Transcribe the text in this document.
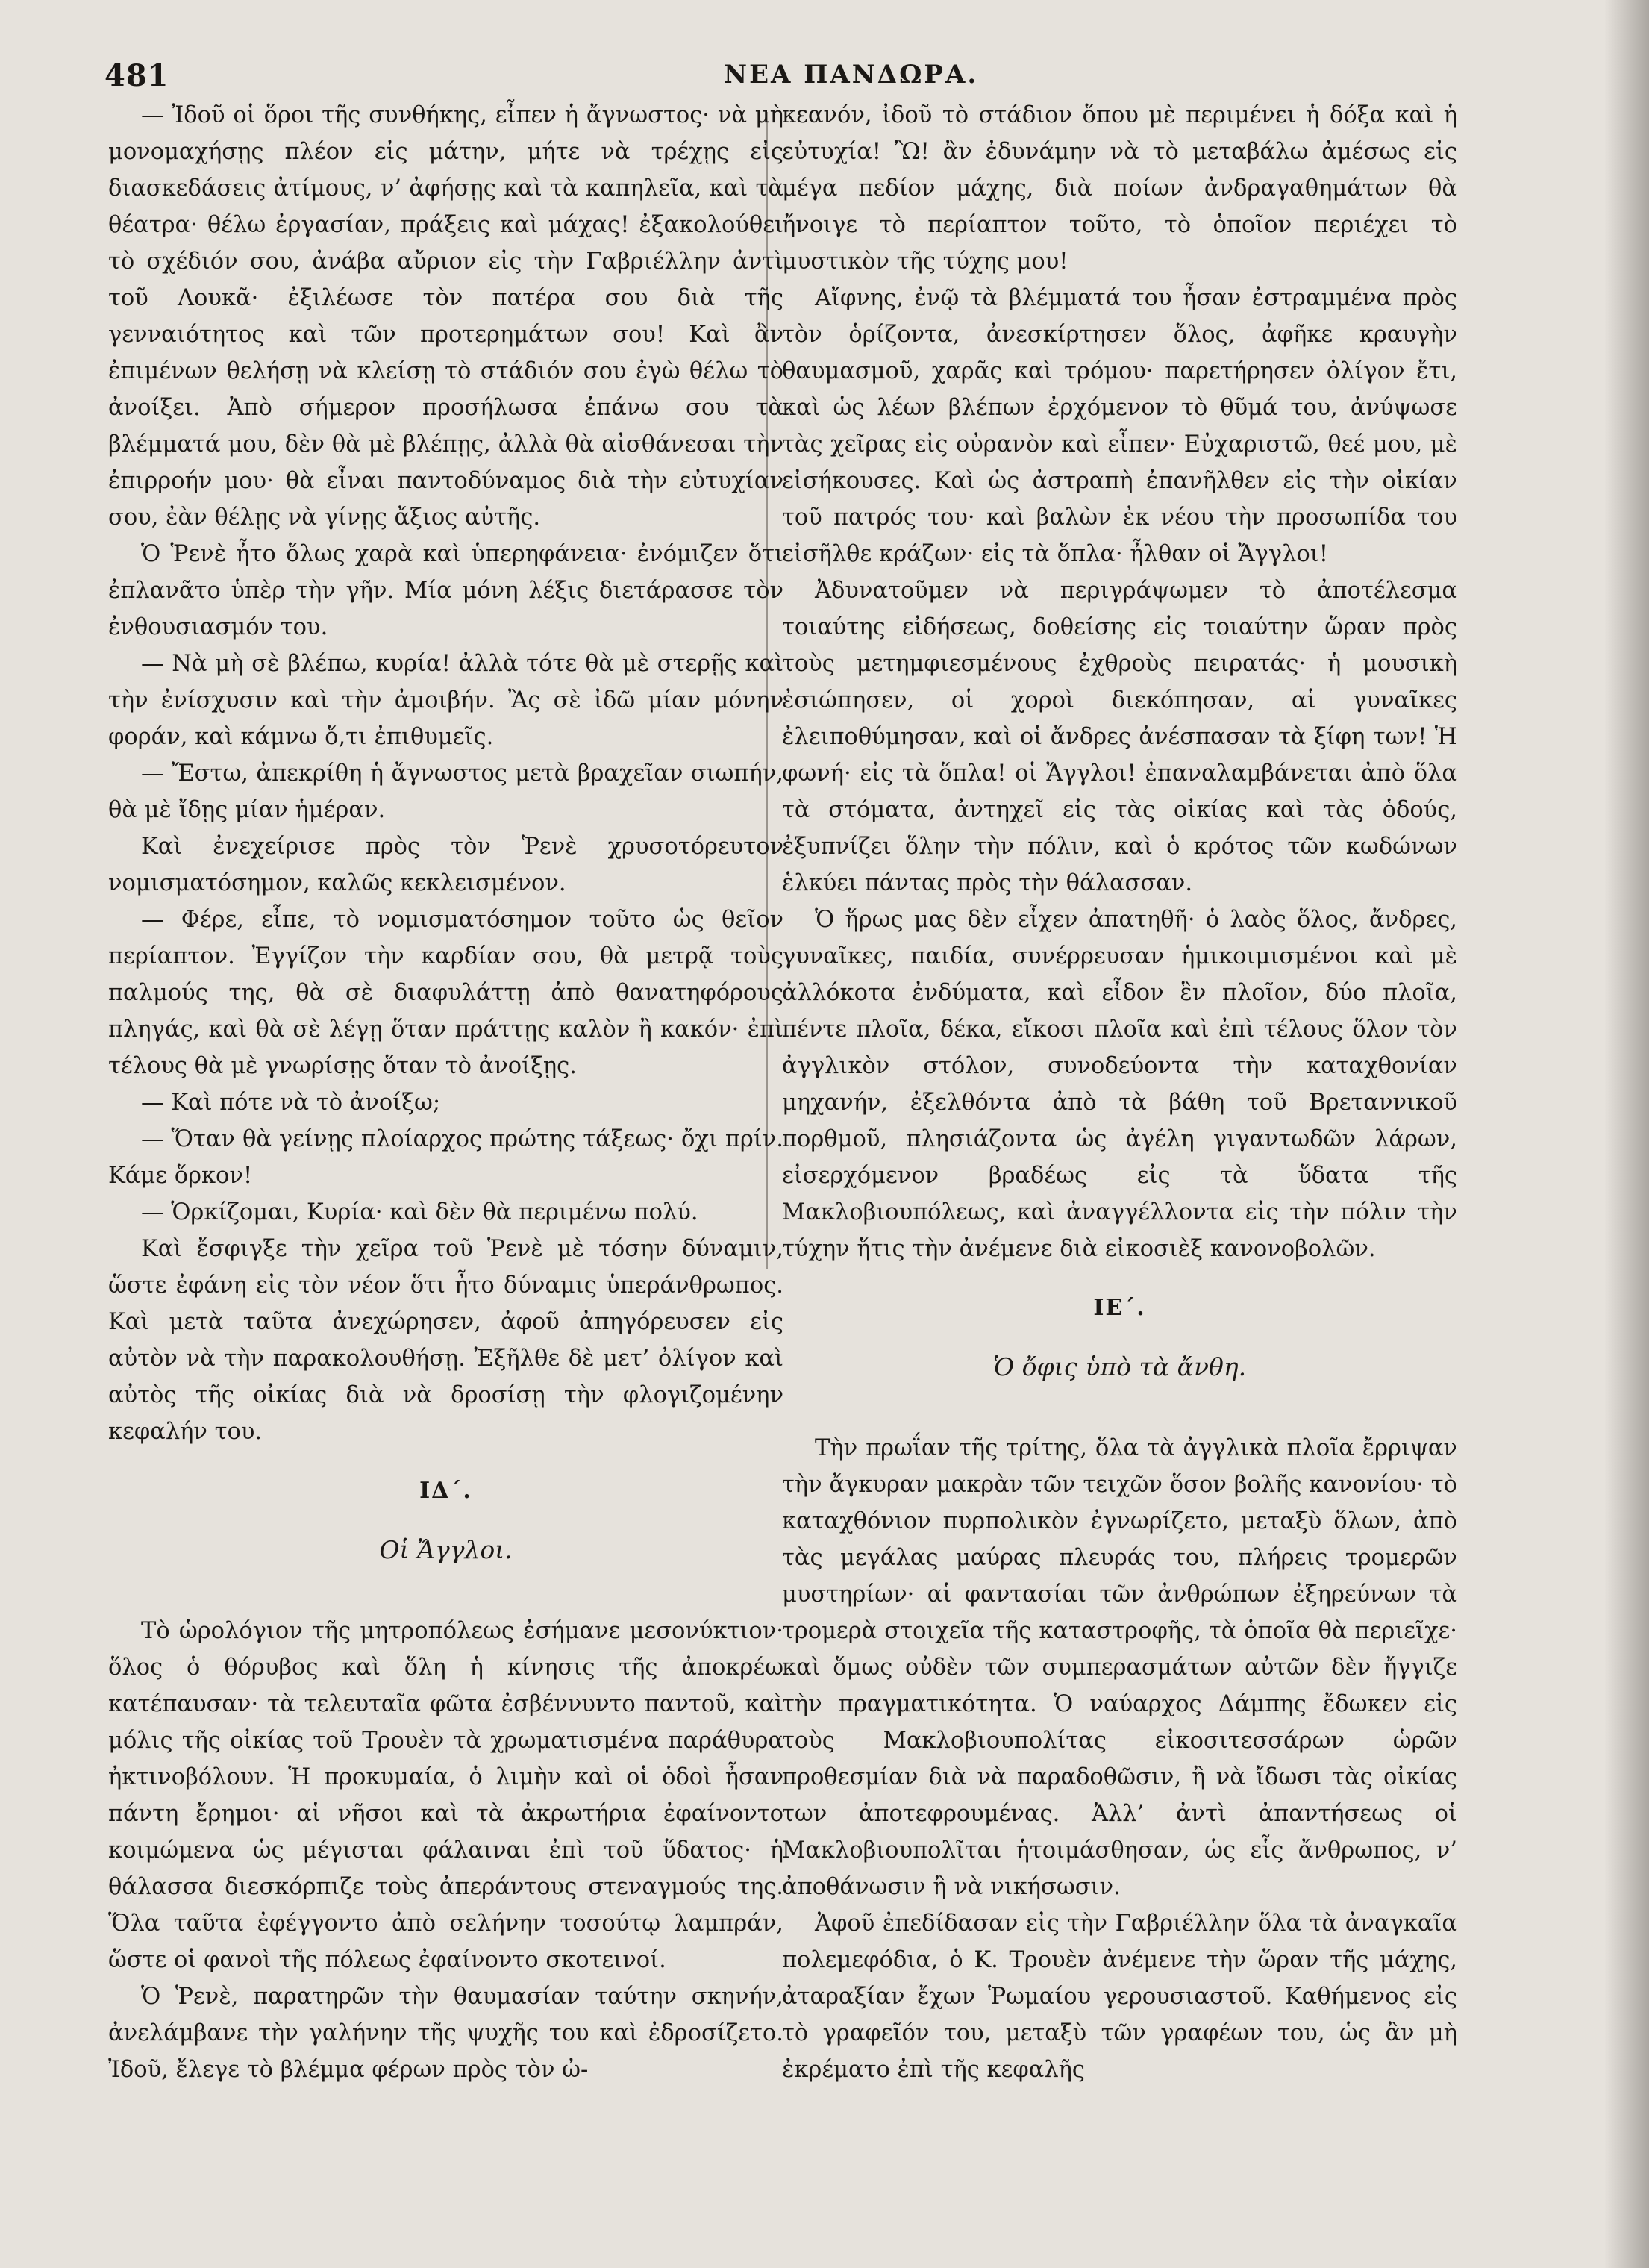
481	ΝΕΑ ΠΑΝΔΩΡΑ.

— Ἰδοῦ οἱ ὅροι τῆς συνθήκης, εἶπεν ἡ ἄγνωστος· νὰ μὴ μονομαχήσῃς πλέον εἰς μάτην, μήτε νὰ τρέχῃς εἰς διασκεδάσεις ἀτίμους, ν’ ἀφήσῃς καὶ τὰ καπηλεῖα, καὶ τὰ θέατρα· θέλω ἐργασίαν, πράξεις καὶ μάχας! ἐξακολούθει τὸ σχέδιόν σου, ἀνάβα αὔριον εἰς τὴν Γαβριέλλην ἀντὶ τοῦ Λουκᾶ· ἐξιλέωσε τὸν πατέρα σου διὰ τῆς γενναιότητος καὶ τῶν προτερημάτων σου! Καὶ ἂν ἐπιμένων θελήσῃ νὰ κλείσῃ τὸ στάδιόν σου ἐγὼ θέλω τὸ ἀνοίξει. Ἀπὸ σήμερον προσήλωσα ἐπάνω σου τὰ βλέμματά μου, δὲν θὰ μὲ βλέπῃς, ἀλλὰ θὰ αἰσθάνεσαι τὴν ἐπιρροήν μου· θὰ εἶναι παντοδύναμος διὰ τὴν εὐτυχίαν σου, ἐὰν θέλῃς νὰ γίνῃς ἄξιος αὐτῆς.

Ὁ Ῥενὲ ἦτο ὅλως χαρὰ καὶ ὑπερηφάνεια· ἐνόμιζεν ὅτι ἐπλανᾶτο ὑπὲρ τὴν γῆν. Μία μόνη λέξις διετάρασσε τὸν ἐνθουσιασμόν του.

— Νὰ μὴ σὲ βλέπω, κυρία! ἀλλὰ τότε θὰ μὲ στερῇς καὶ τὴν ἐνίσχυσιν καὶ τὴν ἀμοιβήν. Ἂς σὲ ἰδῶ μίαν μόνην φοράν, καὶ κάμνω ὅ,τι ἐπιθυμεῖς.

— Ἔστω, ἀπεκρίθη ἡ ἄγνωστος μετὰ βραχεῖαν σιωπήν, θὰ μὲ ἴδῃς μίαν ἡμέραν.

Καὶ ἐνεχείρισε πρὸς τὸν Ῥενὲ χρυσοτόρευτον νομισματόσημον, καλῶς κεκλεισμένον.

— Φέρε, εἶπε, τὸ νομισματόσημον τοῦτο ὡς θεῖον περίαπτον. Ἐγγίζον τὴν καρδίαν σου, θὰ μετρᾷ τοὺς παλμούς της, θὰ σὲ διαφυλάττῃ ἀπὸ θανατηφόρους πληγάς, καὶ θὰ σὲ λέγῃ ὅταν πράττῃς καλὸν ἢ κακόν· ἐπὶ τέλους θὰ μὲ γνωρίσῃς ὅταν τὸ ἀνοίξῃς.

— Καὶ πότε νὰ τὸ ἀνοίξω;

— Ὅταν θὰ γείνῃς πλοίαρχος πρώτης τάξεως· ὄχι πρίν. Κάμε ὅρκον!

— Ὁρκίζομαι, Κυρία· καὶ δὲν θὰ περιμένω πολύ.

Καὶ ἔσφιγξε τὴν χεῖρα τοῦ Ῥενὲ μὲ τόσην δύναμιν, ὥστε ἐφάνη εἰς τὸν νέον ὅτι ἦτο δύναμις ὑπεράνθρωπος. Καὶ μετὰ ταῦτα ἀνεχώρησεν, ἀφοῦ ἀπηγόρευσεν εἰς αὐτὸν νὰ τὴν παρακολουθήσῃ. Ἐξῆλθε δὲ μετ’ ὀλίγον καὶ αὐτὸς τῆς οἰκίας διὰ νὰ δροσίσῃ τὴν φλογιζομένην κεφαλήν του.

ΙΔ΄.
Οἱ Ἄγγλοι.

Τὸ ὡρολόγιον τῆς μητροπόλεως ἐσήμανε μεσονύκτιον· ὅλος ὁ θόρυβος καὶ ὅλη ἡ κίνησις τῆς ἀποκρέω κατέπαυσαν· τὰ τελευταῖα φῶτα ἐσβέννυντο παντοῦ, καὶ μόλις τῆς οἰκίας τοῦ Τρουὲν τὰ χρωματισμένα παράθυρα ἠκτινοβόλουν. Ἡ προκυμαία, ὁ λιμὴν καὶ οἱ ὁδοὶ ἦσαν πάντη ἔρημοι· αἱ νῆσοι καὶ τὰ ἀκρωτήρια ἐφαίνοντο κοιμώμενα ὡς μέγισται φάλαιναι ἐπὶ τοῦ ὕδατος· ἡ θάλασσα διεσκόρπιζε τοὺς ἀπεράντους στεναγμούς της. Ὅλα ταῦτα ἐφέγγοντο ἀπὸ σελήνην τοσούτῳ λαμπράν, ὥστε οἱ φανοὶ τῆς πόλεως ἐφαίνοντο σκοτεινοί.

Ὁ Ῥενὲ, παρατηρῶν τὴν θαυμασίαν ταύτην σκηνήν, ἀνελάμβανε τὴν γαλήνην τῆς ψυχῆς του καὶ ἐδροσίζετο. Ἰδοῦ, ἔλεγε τὸ βλέμμα φέρων πρὸς τὸν ὠ-

κεανόν, ἰδοῦ τὸ στάδιον ὅπου μὲ περιμένει ἡ δόξα καὶ ἡ εὐτυχία! Ὢ! ἂν ἐδυνάμην νὰ τὸ μεταβάλω ἀμέσως εἰς μέγα πεδίον μάχης, διὰ ποίων ἀνδραγαθημάτων θὰ ἤνοιγε τὸ περίαπτον τοῦτο, τὸ ὁποῖον περιέχει τὸ μυστικὸν τῆς τύχης μου!

Αἴφνης, ἐνῷ τὰ βλέμματά του ἦσαν ἐστραμμένα πρὸς τὸν ὁρίζοντα, ἀνεσκίρτησεν ὅλος, ἀφῆκε κραυγὴν θαυμασμοῦ, χαρᾶς καὶ τρόμου· παρετήρησεν ὀλίγον ἔτι, καὶ ὡς λέων βλέπων ἐρχόμενον τὸ θῦμά του, ἀνύψωσε τὰς χεῖρας εἰς οὐρανὸν καὶ εἶπεν· Εὐχαριστῶ, θεέ μου, μὲ εἰσήκουσες. Καὶ ὡς ἀστραπὴ ἐπανῆλθεν εἰς τὴν οἰκίαν τοῦ πατρός του· καὶ βαλὼν ἐκ νέου τὴν προσωπίδα του εἰσῆλθε κράζων· εἰς τὰ ὅπλα· ἦλθαν οἱ Ἄγγλοι!

Ἀδυνατοῦμεν νὰ περιγράψωμεν τὸ ἀποτέλεσμα τοιαύτης εἰδήσεως, δοθείσης εἰς τοιαύτην ὥραν πρὸς τοὺς μετημφιεσμένους ἐχθροὺς πειρατάς· ἡ μουσικὴ ἐσιώπησεν, οἱ χοροὶ διεκόπησαν, αἱ γυναῖκες ἐλειποθύμησαν, καὶ οἱ ἄνδρες ἀνέσπασαν τὰ ξίφη των! Ἡ φωνή· εἰς τὰ ὅπλα! οἱ Ἄγγλοι! ἐπαναλαμβάνεται ἀπὸ ὅλα τὰ στόματα, ἀντηχεῖ εἰς τὰς οἰκίας καὶ τὰς ὁδούς, ἐξυπνίζει ὅλην τὴν πόλιν, καὶ ὁ κρότος τῶν κωδώνων ἑλκύει πάντας πρὸς τὴν θάλασσαν.

Ὁ ἥρως μας δὲν εἶχεν ἀπατηθῆ· ὁ λαὸς ὅλος, ἄνδρες, γυναῖκες, παιδία, συνέρρευσαν ἡμικοιμισμένοι καὶ μὲ ἀλλόκοτα ἐνδύματα, καὶ εἶδον ἓν πλοῖον, δύο πλοῖα, πέντε πλοῖα, δέκα, εἴκοσι πλοῖα καὶ ἐπὶ τέλους ὅλον τὸν ἀγγλικὸν στόλον, συνοδεύοντα τὴν καταχθονίαν μηχανήν, ἐξελθόντα ἀπὸ τὰ βάθη τοῦ Βρεταννικοῦ πορθμοῦ, πλησιάζοντα ὡς ἀγέλη γιγαντωδῶν λάρων, εἰσερχόμενον βραδέως εἰς τὰ ὕδατα τῆς Μακλοβιουπόλεως, καὶ ἀναγγέλλοντα εἰς τὴν πόλιν τὴν τύχην ἥτις τὴν ἀνέμενε διὰ εἰκοσιὲξ κανονοβολῶν.

ΙΕ΄.
Ὁ ὄφις ὑπὸ τὰ ἄνθη.

Τὴν πρωΐαν τῆς τρίτης, ὅλα τὰ ἀγγλικὰ πλοῖα ἔρριψαν τὴν ἄγκυραν μακρὰν τῶν τειχῶν ὅσον βολῆς κανονίου· τὸ καταχθόνιον πυρπολικὸν ἐγνωρίζετο, μεταξὺ ὅλων, ἀπὸ τὰς μεγάλας μαύρας πλευράς του, πλήρεις τρομερῶν μυστηρίων· αἱ φαντασίαι τῶν ἀνθρώπων ἐξηρεύνων τὰ τρομερὰ στοιχεῖα τῆς καταστροφῆς, τὰ ὁποῖα θὰ περιεῖχε· καὶ ὅμως οὐδὲν τῶν συμπερασμάτων αὐτῶν δὲν ἤγγιζε τὴν πραγματικότητα. Ὁ ναύαρχος Δάμπης ἔδωκεν εἰς τοὺς Μακλοβιουπολίτας εἰκοσιτεσσάρων ὡρῶν προθεσμίαν διὰ νὰ παραδοθῶσιν, ἢ νὰ ἴδωσι τὰς οἰκίας των ἀποτεφρουμένας. Ἀλλ’ ἀντὶ ἀπαντήσεως οἱ Μακλοβιουπολῖται ἡτοιμάσθησαν, ὡς εἷς ἄνθρωπος, ν’ ἀποθάνωσιν ἢ νὰ νικήσωσιν.

Ἀφοῦ ἐπεδίδασαν εἰς τὴν Γαβριέλλην ὅλα τὰ ἀναγκαῖα πολεμεφόδια, ὁ Κ. Τρουὲν ἀνέμενε τὴν ὥραν τῆς μάχης, ἀταραξίαν ἔχων Ῥωμαίου γερουσιαστοῦ. Καθήμενος εἰς τὸ γραφεῖόν του, μεταξὺ τῶν γραφέων του, ὡς ἂν μὴ ἐκρέματο ἐπὶ τῆς κεφαλῆς
